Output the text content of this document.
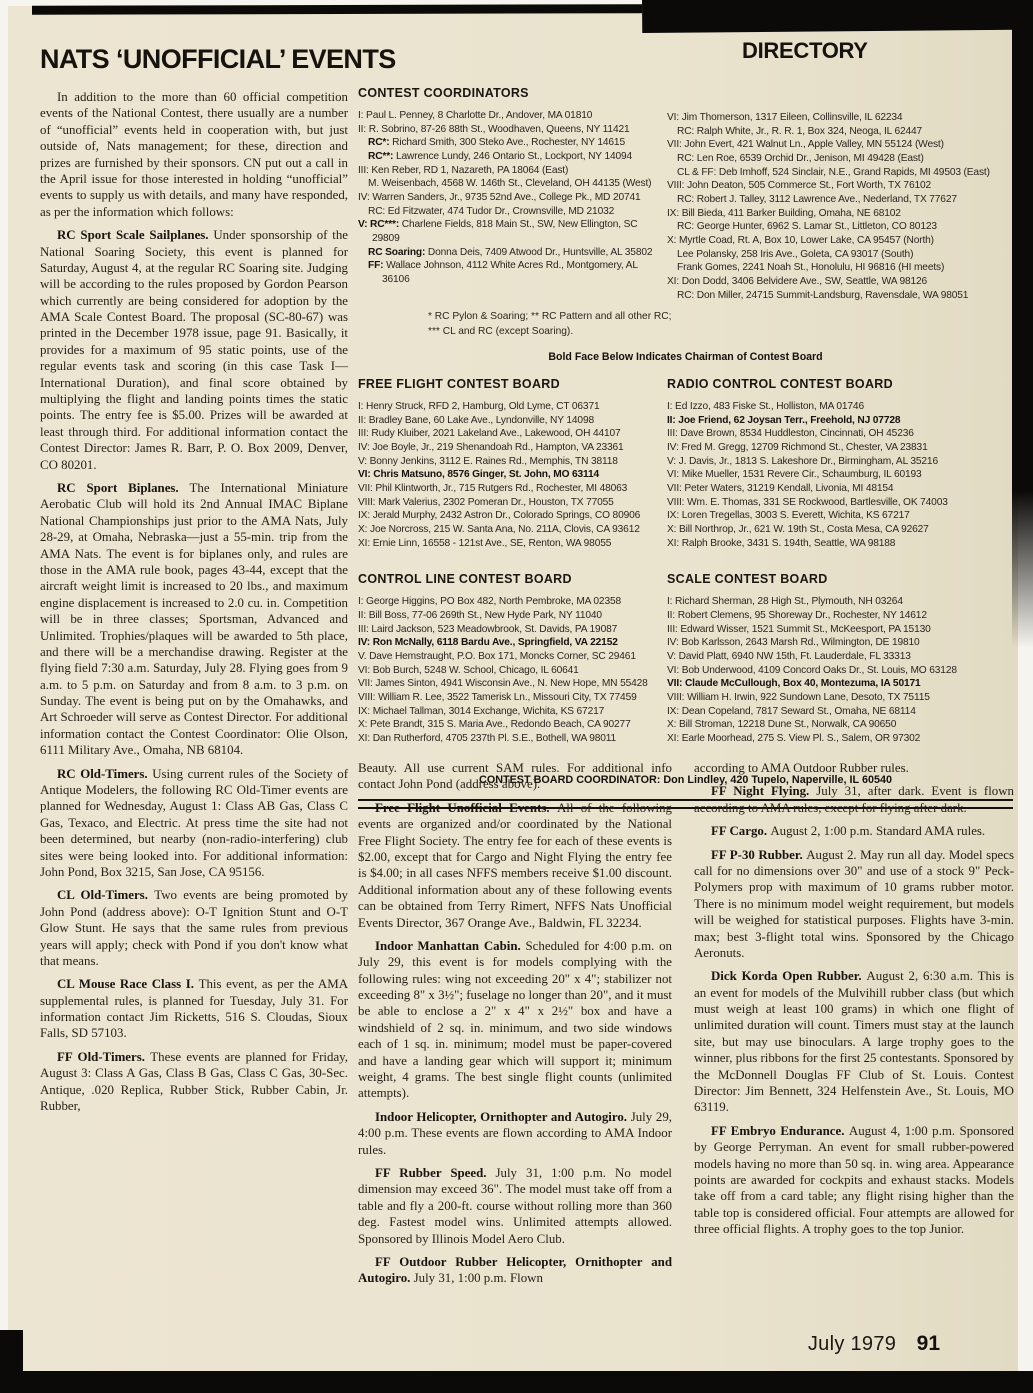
NATS ‘UNOFFICIAL’ EVENTS

In addition to the more than 60 official competition events of the National Contest, there usually are a number of “unofficial” events held in cooperation with, but just outside of, Nats management; for these, direction and prizes are furnished by their sponsors. CN put out a call in the April issue for those interested in holding “unofficial” events to supply us with details, and many have responded, as per the information which follows:

RC Sport Scale Sailplanes. Under sponsorship of the National Soaring Society, this event is planned for Saturday, August 4, at the regular RC Soaring site. Judging will be according to the rules proposed by Gordon Pearson which currently are being considered for adoption by the AMA Scale Contest Board. The proposal (SC-80-67) was printed in the December 1978 issue, page 91. Basically, it provides for a maximum of 95 static points, use of the regular events task and scoring (in this case Task I—International Duration), and final score obtained by multiplying the flight and landing points times the static points. The entry fee is $5.00. Prizes will be awarded at least through third. For additional information contact the Contest Director: James R. Barr, P. O. Box 2009, Denver, CO 80201.

RC Sport Biplanes. The International Miniature Aerobatic Club will hold its 2nd Annual IMAC Biplane National Championships just prior to the AMA Nats, July 28-29, at Omaha, Nebraska—just a 55-min. trip from the AMA Nats. The event is for biplanes only, and rules are those in the AMA rule book, pages 43-44, except that the aircraft weight limit is increased to 20 lbs., and maximum engine displacement is increased to 2.0 cu. in. Competition will be in three classes; Sportsman, Advanced and Unlimited. Trophies/plaques will be awarded to 5th place, and there will be a merchandise drawing. Register at the flying field 7:30 a.m. Saturday, July 28. Flying goes from 9 a.m. to 5 p.m. on Saturday and from 8 a.m. to 3 p.m. on Sunday. The event is being put on by the Omahawks, and Art Schroeder will serve as Contest Director. For additional information contact the Contest Coordinator: Olie Olson, 6111 Military Ave., Omaha, NB 68104.

RC Old-Timers. Using current rules of the Society of Antique Modelers, the following RC Old-Timer events are planned for Wednesday, August 1: Class AB Gas, Class C Gas, Texaco, and Electric. At press time the site had not been determined, but nearby (non-radio-interfering) club sites were being looked into. For additional information: John Pond, Box 3215, San Jose, CA 95156.

CL Old-Timers. Two events are being promoted by John Pond (address above): O-T Ignition Stunt and O-T Glow Stunt. He says that the same rules from previous years will apply; check with Pond if you don't know what that means.

CL Mouse Race Class I. This event, as per the AMA supplemental rules, is planned for Tuesday, July 31. For information contact Jim Ricketts, 516 S. Cloudas, Sioux Falls, SD 57103.

FF Old-Timers. These events are planned for Friday, August 3: Class A Gas, Class B Gas, Class C Gas, 30-Sec. Antique, .020 Replica, Rubber Stick, Rubber Cabin, Jr. Rubber,

DIRECTORY
CONTEST COORDINATORS
I: Paul L. Penney, 8 Charlotte Dr., Andover, MA 01810
II: R. Sobrino, 87-26 88th St., Woodhaven, Queens, NY 11421
RC*: Richard Smith, 300 Steko Ave., Rochester, NY 14615
RC**: Lawrence Lundy, 246 Ontario St., Lockport, NY 14094
III: Ken Reber, RD 1, Nazareth, PA 18064 (East)
M. Weisenbach, 4568 W. 146th St., Cleveland, OH 44135 (West)
IV: Warren Sanders, Jr., 9735 52nd Ave., College Pk., MD 20741
RC: Ed Fitzwater, 474 Tudor Dr., Crownsville, MD 21032
V: RC***: Charlene Fields, 818 Main St., SW, New Ellington, SC 29809
RC Soaring: Donna Deis, 7409 Atwood Dr., Huntsville, AL 35802
FF: Wallace Johnson, 4112 White Acres Rd., Montgomery, AL 36106
VI: Jim Thomerson, 1317 Eileen, Collinsville, IL 62234
RC: Ralph White, Jr., R. R. 1, Box 324, Neoga, IL 62447
VII: John Evert, 421 Walnut Ln., Apple Valley, MN 55124 (West)
RC: Len Roe, 6539 Orchid Dr., Jenison, MI 49428 (East)
CL & FF: Deb Imhoff, 524 Sinclair, N.E., Grand Rapids, MI 49503 (East)
VIII: John Deaton, 505 Commerce St., Fort Worth, TX 76102
RC: Robert J. Talley, 3112 Lawrence Ave., Nederland, TX 77627
IX: Bill Bieda, 411 Barker Building, Omaha, NE 68102
RC: George Hunter, 6962 S. Lamar St., Littleton, CO 80123
X: Myrtle Coad, Rt. A, Box 10, Lower Lake, CA 95457 (North)
Lee Polansky, 258 Iris Ave., Goleta, CA 93017 (South)
Frank Gomes, 2241 Noah St., Honolulu, HI 96816 (HI meets)
XI: Don Dodd, 3406 Belvidere Ave., SW, Seattle, WA 98126
RC: Don Miller, 24715 Summit-Landsburg, Ravensdale, WA 98051
* RC Pylon & Soaring; ** RC Pattern and all other RC;
*** CL and RC (except Soaring).
Bold Face Below Indicates Chairman of Contest Board
FREE FLIGHT CONTEST BOARD
I: Henry Struck, RFD 2, Hamburg, Old Lyme, CT 06371
II: Bradley Bane, 60 Lake Ave., Lyndonville, NY 14098
III: Rudy Kluiber, 2021 Lakeland Ave., Lakewood, OH 44107
IV: Joe Boyle, Jr., 219 Shenandoah Rd., Hampton, VA 23361
V: Bonny Jenkins, 3112 E. Raines Rd., Memphis, TN 38118
VI: Chris Matsuno, 8576 Ginger, St. John, MO 63114
VII: Phil Klintworth, Jr., 715 Rutgers Rd., Rochester, MI 48063
VIII: Mark Valerius, 2302 Pomeran Dr., Houston, TX 77055
IX: Jerald Murphy, 2432 Astron Dr., Colorado Springs, CO 80906
X: Joe Norcross, 215 W. Santa Ana, No. 211A, Clovis, CA 93612
XI: Ernie Linn, 16558 - 121st Ave., SE, Renton, WA 98055
RADIO CONTROL CONTEST BOARD
I: Ed Izzo, 483 Fiske St., Holliston, MA 01746
II: Joe Friend, 62 Joysan Terr., Freehold, NJ 07728
III: Dave Brown, 8534 Huddleston, Cincinnati, OH 45236
IV: Fred M. Gregg, 12709 Richmond St., Chester, VA 23831
V: J. Davis, Jr., 1813 S. Lakeshore Dr., Birmingham, AL 35216
VI: Mike Mueller, 1531 Revere Cir., Schaumburg, IL 60193
VII: Peter Waters, 31219 Kendall, Livonia, MI 48154
VIII: Wm. E. Thomas, 331 SE Rockwood, Bartlesville, OK 74003
IX: Loren Tregellas, 3003 S. Everett, Wichita, KS 67217
X: Bill Northrop, Jr., 621 W. 19th St., Costa Mesa, CA 92627
XI: Ralph Brooke, 3431 S. 194th, Seattle, WA 98188
CONTROL LINE CONTEST BOARD
I: George Higgins, PO Box 482, North Pembroke, MA 02358
II: Bill Boss, 77-06 269th St., New Hyde Park, NY 11040
III: Laird Jackson, 523 Meadowbrook, St. Davids, PA 19087
IV: Ron McNally, 6118 Bardu Ave., Springfield, VA 22152
V. Dave Hemstraught, P.O. Box 171, Moncks Corner, SC 29461
VI: Bob Burch, 5248 W. School, Chicago, IL 60641
VII: James Sinton, 4941 Wisconsin Ave., N. New Hope, MN 55428
VIII: William R. Lee, 3522 Tamerisk Ln., Missouri City, TX 77459
IX: Michael Tallman, 3014 Exchange, Wichita, KS 67217
X: Pete Brandt, 315 S. Maria Ave., Redondo Beach, CA 90277
XI: Dan Rutherford, 4705 237th Pl. S.E., Bothell, WA 98011
SCALE CONTEST BOARD
I: Richard Sherman, 28 High St., Plymouth, NH 03264
II: Robert Clemens, 95 Shoreway Dr., Rochester, NY 14612
III: Edward Wisser, 1521 Summit St., McKeesport, PA 15130
IV: Bob Karlsson, 2643 Marsh Rd., Wilmington, DE 19810
V: David Platt, 6940 NW 15th, Ft. Lauderdale, FL 33313
VI: Bob Underwood, 4109 Concord Oaks Dr., St. Louis, MO 63128
VII: Claude McCullough, Box 40, Montezuma, IA 50171
VIII: William H. Irwin, 922 Sundown Lane, Desoto, TX 75115
IX: Dean Copeland, 7817 Seward St., Omaha, NE 68114
X: Bill Stroman, 12218 Dune St., Norwalk, CA 90650
XI: Earle Moorhead, 275 S. View Pl. S., Salem, OR 97302
CONTEST BOARD COORDINATOR: Don Lindley, 420 Tupelo, Naperville, IL 60540

Beauty. All use current SAM rules. For additional info contact John Pond (address above).

Free Flight Unofficial Events. All of the following events are organized and/or coordinated by the National Free Flight Society. The entry fee for each of these events is $2.00, except that for Cargo and Night Flying the entry fee is $4.00; in all cases NFFS members receive $1.00 discount. Additional information about any of these following events can be obtained from Terry Rimert, NFFS Nats Unofficial Events Director, 367 Orange Ave., Baldwin, FL 32234.

Indoor Manhattan Cabin. Scheduled for 4:00 p.m. on July 29, this event is for models complying with the following rules: wing not exceeding 20" x 4"; stabilizer not exceeding 8" x 3½"; fuselage no longer than 20", and it must be able to enclose a 2" x 4" x 2½" box and have a windshield of 2 sq. in. minimum, and two side windows each of 1 sq. in. minimum; model must be paper-covered and have a landing gear which will support it; minimum weight, 4 grams. The best single flight counts (unlimited attempts).

Indoor Helicopter, Ornithopter and Autogiro. July 29, 4:00 p.m. These events are flown according to AMA Indoor rules.

FF Rubber Speed. July 31, 1:00 p.m. No model dimension may exceed 36". The model must take off from a table and fly a 200-ft. course without rolling more than 360 deg. Fastest model wins. Unlimited attempts allowed. Sponsored by Illinois Model Aero Club.

FF Outdoor Rubber Helicopter, Ornithopter and Autogiro. July 31, 1:00 p.m. Flown

according to AMA Outdoor Rubber rules.

FF Night Flying. July 31, after dark. Event is flown according to AMA rules, except for flying after dark.

FF Cargo. August 2, 1:00 p.m. Standard AMA rules.

FF P-30 Rubber. August 2. May run all day. Model specs call for no dimensions over 30" and use of a stock 9" Peck-Polymers prop with maximum of 10 grams rubber motor. There is no minimum model weight requirement, but models will be weighed for statistical purposes. Flights have 3-min. max; best 3-flight total wins. Sponsored by the Chicago Aeronuts.

Dick Korda Open Rubber. August 2, 6:30 a.m. This is an event for models of the Mulvihill rubber class (but which must weigh at least 100 grams) in which one flight of unlimited duration will count. Timers must stay at the launch site, but may use binoculars. A large trophy goes to the winner, plus ribbons for the first 25 contestants. Sponsored by the McDonnell Douglas FF Club of St. Louis. Contest Director: Jim Bennett, 324 Helfenstein Ave., St. Louis, MO 63119.

FF Embryo Endurance. August 4, 1:00 p.m. Sponsored by George Perryman. An event for small rubber-powered models having no more than 50 sq. in. wing area. Appearance points are awarded for cockpits and exhaust stacks. Models take off from a card table; any flight rising higher than the table top is considered official. Four attempts are allowed for three official flights. A trophy goes to the top Junior.

July 1979 91
